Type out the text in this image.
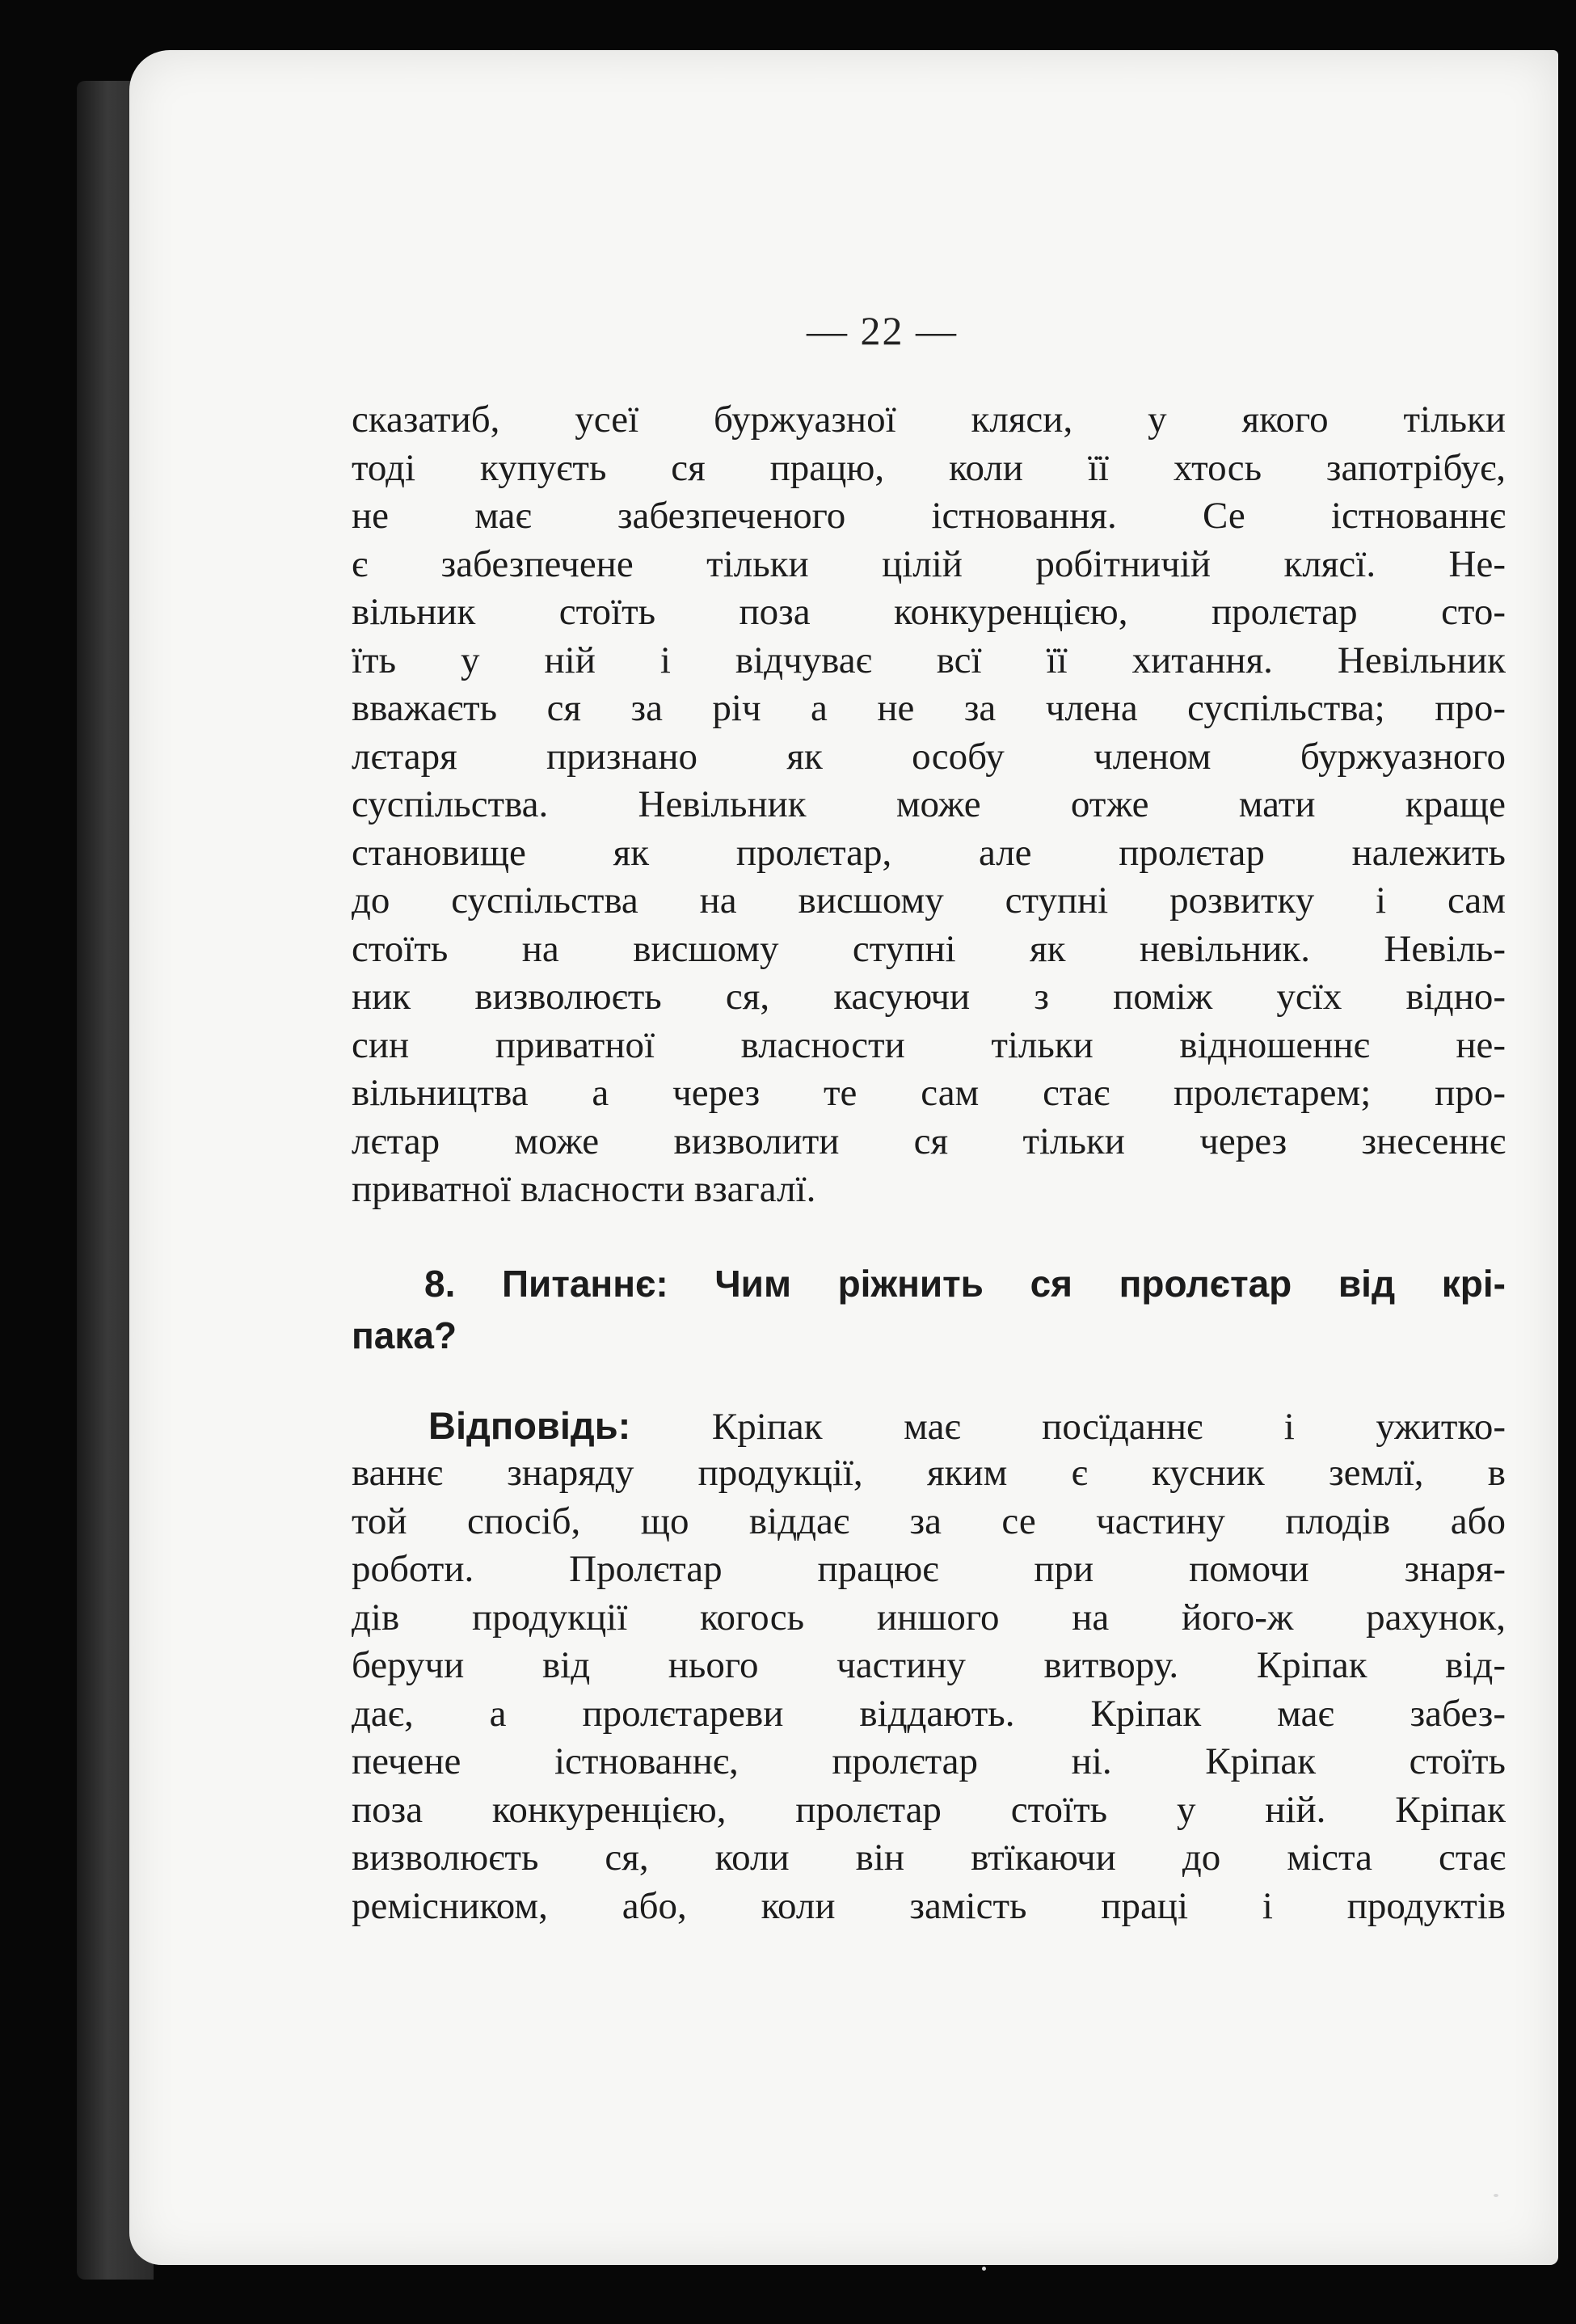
— 22 —
сказатиб, усеї буржуазної кляси, у якого тільки
тоді купуєть ся працю, коли її хтось запотрібує,
не має забезпеченого істновання. Се істнованнє
є забезпечене тільки цілій робітничій клясї. Не-
вільник стоїть поза конкуренцією, пролєтар сто-
їть у ній і відчуває всї її хитання. Невільник
вважаєть ся за річ а не за члена суспільства; про-
лєтаря признано як особу членом буржуазного
суспільства. Невільник може отже мати краще
становище як пролєтар, але пролєтар належить
до суспільства на висшому ступні розвитку і сам
стоїть на висшому ступні як невільник. Невіль-
ник визволюєть ся, касуючи з поміж усїх відно-
син приватної власности тільки відношеннє не-
вільництва а через те сам стає пролєтарем; про-
лєтар може визволити ся тільки через знесеннє
приватної власности взагалї.
8. Питаннє: Чим ріжнить ся пролєтар від крі-
пака?
Відповідь: Кріпак має посїданнє і ужитко-
ваннє знаряду продукції, яким є кусник землї, в
той спосіб, що віддає за се частину плодів або
роботи. Пролєтар працює при помочи знаря-
дів продукції когось иншого на його-ж рахунок,
беручи від нього частину витвору. Кріпак від-
дає, а пролєтареви віддають. Кріпак має забез-
печене істнованнє, пролєтар ні. Кріпак стоїть
поза конкуренцією, пролєтар стоїть у ній. Кріпак
визволюєть ся, коли він втїкаючи до міста стає
ремісником, або, коли замість праці і продуктів
